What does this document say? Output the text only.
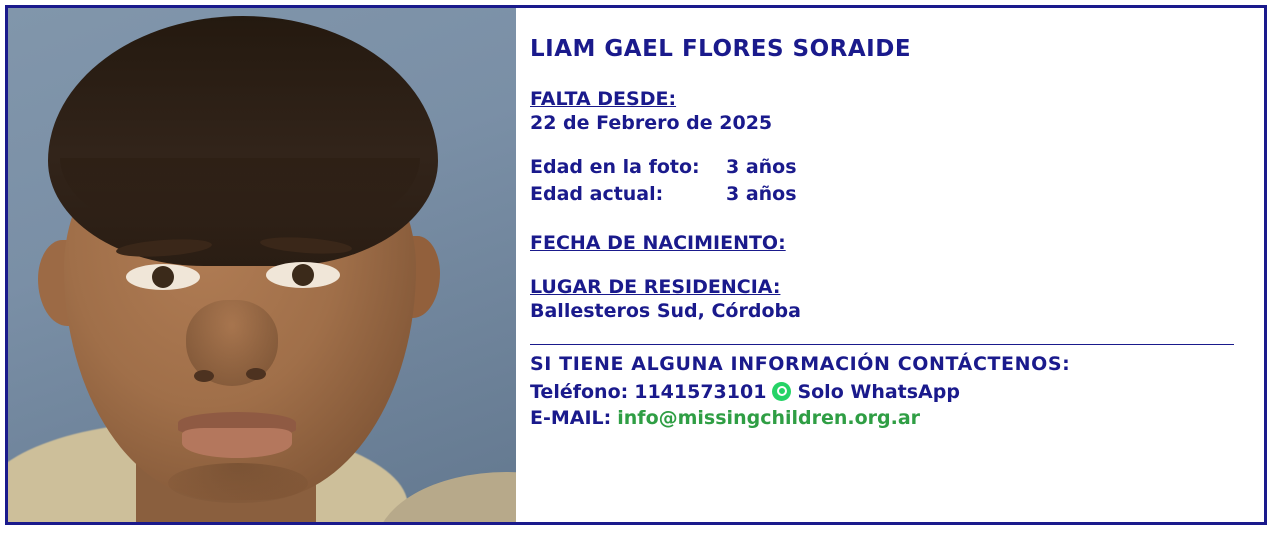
LIAM GAEL FLORES SORAIDE
FALTA DESDE:
22 de Febrero de 2025
Edad en la foto:	3 años
Edad actual:	3 años
FECHA DE NACIMIENTO:
LUGAR DE RESIDENCIA:
Ballesteros Sud, Córdoba
SI TIENE ALGUNA INFORMACIÓN CONTÁCTENOS:
Teléfono: 1141573101 Solo WhatsApp
E-MAIL: info@missingchildren.org.ar
